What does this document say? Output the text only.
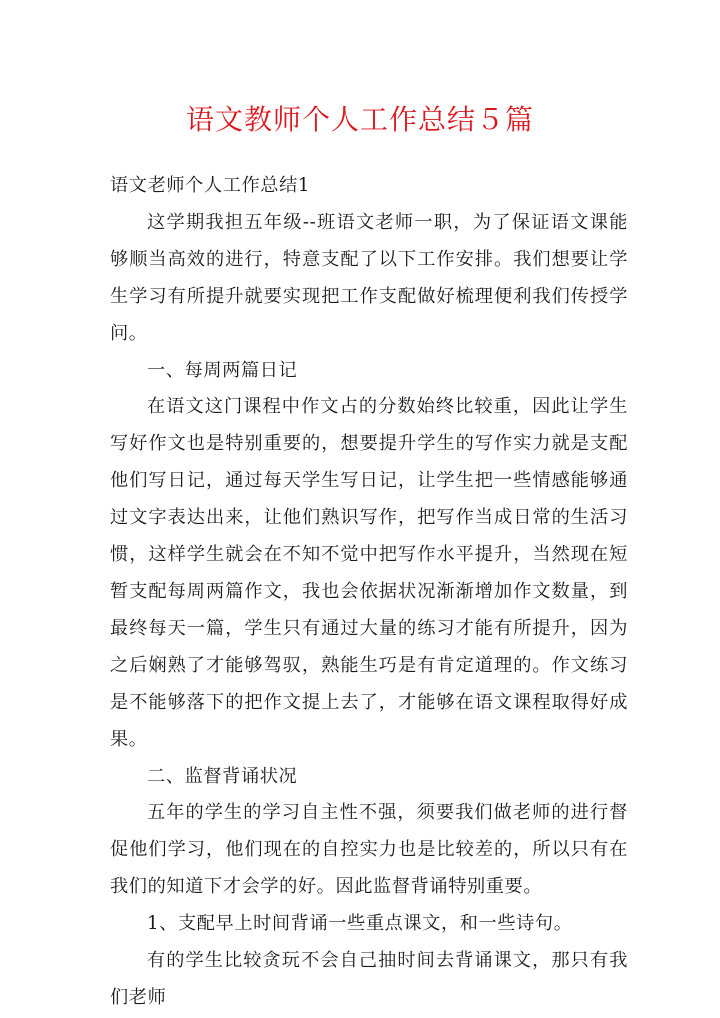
语文教师个人工作总结５篇

语文老师个人工作总结1

这学期我担五年级--班语文老师一职，为了保证语文课能够顺当高效的进行，特意支配了以下工作安排。我们想要让学生学习有所提升就要实现把工作支配做好梳理便利我们传授学问。

一、每周两篇日记

在语文这门课程中作文占的分数始终比较重，因此让学生写好作文也是特别重要的，想要提升学生的写作实力就是支配他们写日记，通过每天学生写日记，让学生把一些情感能够通过文字表达出来，让他们熟识写作，把写作当成日常的生活习惯，这样学生就会在不知不觉中把写作水平提升，当然现在短暂支配每周两篇作文，我也会依据状况渐渐增加作文数量，到最终每天一篇，学生只有通过大量的练习才能有所提升，因为之后娴熟了才能够驾驭，熟能生巧是有肯定道理的。作文练习是不能够落下的把作文提上去了，才能够在语文课程取得好成果。

二、监督背诵状况

五年的学生的学习自主性不强，须要我们做老师的进行督促他们学习，他们现在的自控实力也是比较差的，所以只有在我们的知道下才会学的好。因此监督背诵特别重要。

1、支配早上时间背诵一些重点课文，和一些诗句。

有的学生比较贪玩不会自己抽时间去背诵课文，那只有我们老师
